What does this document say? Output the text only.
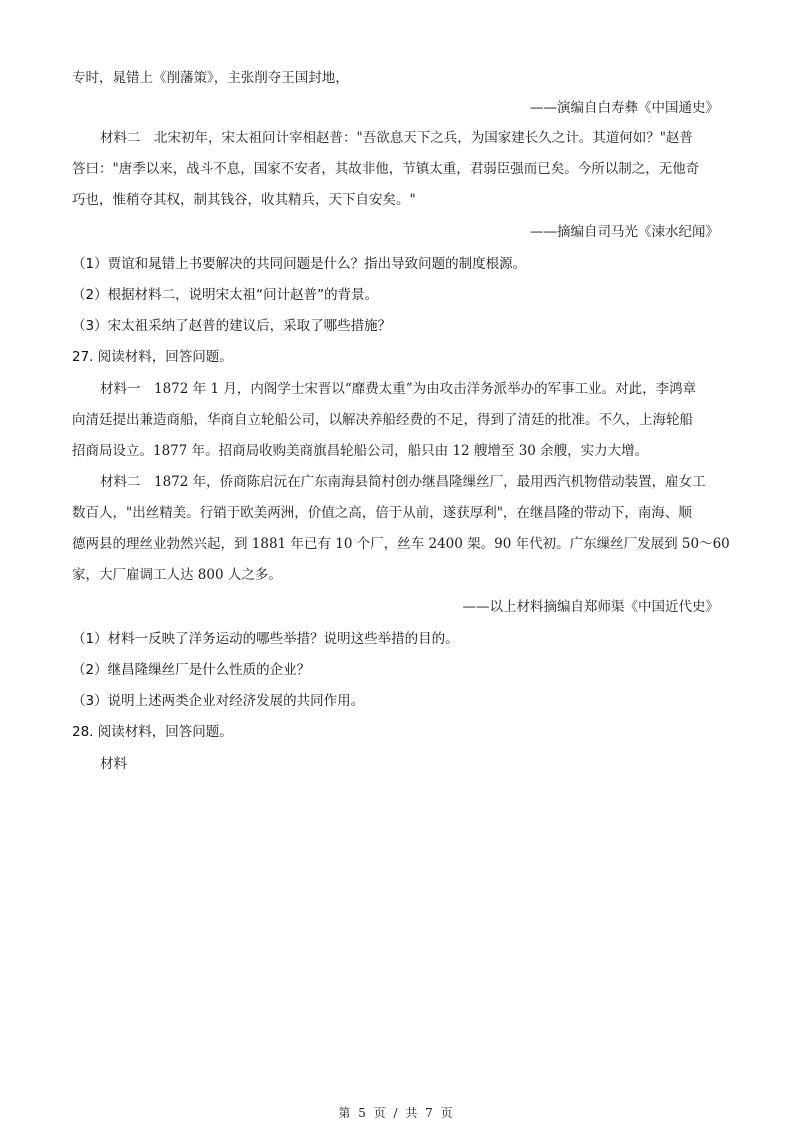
专时，晁错上《削藩策》，主张削夺王国封地，
——演编自白寿彝《中国通史》
材料二　北宋初年，宋太祖问计宰相赵普："吾欲息天下之兵，为国家建长久之计。其道何如？"赵普
答曰："唐季以来，战斗不息，国家不安者，其故非他，节镇太重，君弱臣强而已矣。今所以制之，无他奇
巧也，惟稍夺其权，制其钱谷，收其精兵，天下自安矣。"
——摘编自司马光《涑水纪闻》
（1）贾谊和晁错上书要解决的共同问题是什么？指出导致问题的制度根源。
（2）根据材料二，说明宋太祖“问计赵普”的背景。
（3）宋太祖采纳了赵普的建议后，采取了哪些措施？
27. 阅读材料，回答问题。
材料一　1872 年 1 月，内阁学士宋晋以“靡费太重”为由攻击洋务派举办的军事工业。对此，李鸿章
向清廷提出兼造商船，华商自立轮船公司，以解决养船经费的不足，得到了清廷的批准。不久，上海轮船
招商局设立。1877 年。招商局收购美商旗昌轮船公司，船只由 12 艘增至 30 余艘，实力大增。
材料二　1872 年，侨商陈启沅在广东南海县简村创办继昌隆缫丝厂，最用西汽机物借动装置，雇女工
数百人，"出丝精美。行销于欧美两洲，价值之高，倍于从前，遂获厚利"，在继昌隆的带动下，南海、顺
德两县的理丝业勃然兴起，到 1881 年已有 10 个厂，丝车 2400 架。90 年代初。广东缫丝厂发展到 50～60
家，大厂雇调工人达 800 人之多。
——以上材料摘编自郑师渠《中国近代史》
（1）材料一反映了洋务运动的哪些举措？说明这些举措的目的。
（2）继昌隆缫丝厂是什么性质的企业？
（3）说明上述两类企业对经济发展的共同作用。
28. 阅读材料，回答问题。
材料
第 5 页 / 共 7 页
